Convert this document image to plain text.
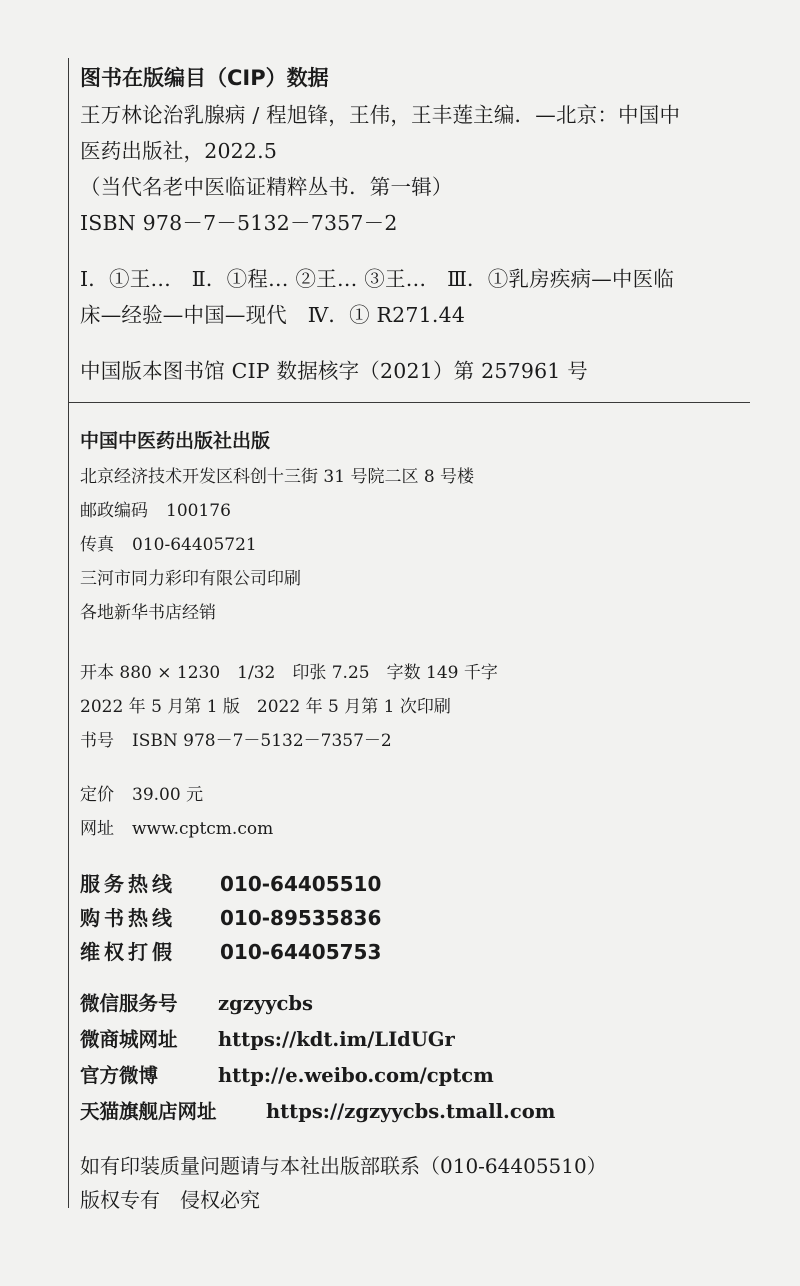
图书在版编目（CIP）数据
王万林论治乳腺病 / 程旭锋，王伟，王丰莲主编．—北京：中国中
医药出版社，2022.5
（当代名老中医临证精粹丛书．第一辑）
ISBN 978－7－5132－7357－2
Ⅰ．①王…　Ⅱ．①程… ②王… ③王…　Ⅲ．①乳房疾病—中医临
床—经验—中国—现代　Ⅳ．① R271.44
中国版本图书馆 CIP 数据核字（2021）第 257961 号
中国中医药出版社出版
北京经济技术开发区科创十三街 31 号院二区 8 号楼
邮政编码 100176
传真 010-64405721
三河市同力彩印有限公司印刷
各地新华书店经销
开本 880 × 1230　1/32　印张 7.25　字数 149 千字
2022 年 5 月第 1 版　2022 年 5 月第 1 次印刷
书号 ISBN 978－7－5132－7357－2
定价 39.00 元
网址 www.cptcm.com
服务热线 010-64405510
购书热线 010-89535836
维权打假 010-64405753
微信服务号 zgzyycbs
微商城网址 https://kdt.im/LIdUGr
官方微博	http://e.weibo.com/cptcm
天猫旗舰店网址	https://zgzyycbs.tmall.com
如有印装质量问题请与本社出版部联系（010-64405510）
版权专有　侵权必究
